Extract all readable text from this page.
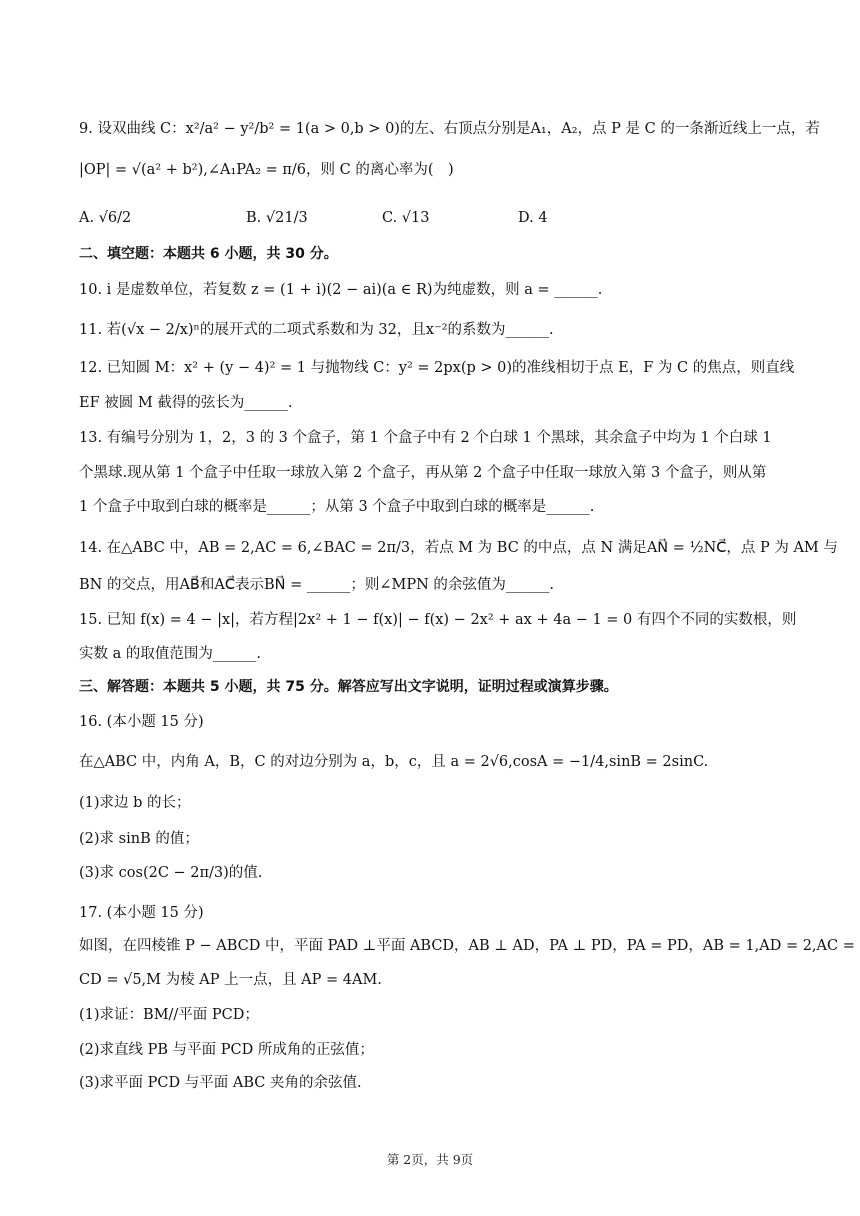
9. 设双曲线 C：x²/a² − y²/b² = 1(a > 0,b > 0)的左、右顶点分别是A₁，A₂，点 P 是 C 的一条渐近线上一点，若
|OP| = √(a² + b²),∠A₁PA₂ = π/6，则 C 的离心率为(　)
A. √6/2	B. √21/3	C. √13	D. 4
二、填空题：本题共 6 小题，共 30 分。
10. i 是虚数单位，若复数 z = (1 + i)(2 − ai)(a ∈ R)为纯虚数，则 a = ______.
11. 若(√x − 2/x)ⁿ的展开式的二项式系数和为 32，且x⁻²的系数为______.
12. 已知圆 M：x² + (y − 4)² = 1 与抛物线 C：y² = 2px(p > 0)的准线相切于点 E，F 为 C 的焦点，则直线
EF 被圆 M 截得的弦长为______.
13. 有编号分别为 1，2，3 的 3 个盒子，第 1 个盒子中有 2 个白球 1 个黑球，其余盒子中均为 1 个白球 1
个黑球.现从第 1 个盒子中任取一球放入第 2 个盒子，再从第 2 个盒子中任取一球放入第 3 个盒子，则从第
1 个盒子中取到白球的概率是______；从第 3 个盒子中取到白球的概率是______.
14. 在△ABC 中，AB = 2,AC = 6,∠BAC = 2π/3，若点 M 为 BC 的中点，点 N 满足AN⃗ = ½NC⃗，点 P 为 AM 与
BN 的交点，用AB⃗和AC⃗表示BN⃗ = ______；则∠MPN 的余弦值为______.
15. 已知 f(x) = 4 − |x|，若方程|2x² + 1 − f(x)| − f(x) − 2x² + ax + 4a − 1 = 0 有四个不同的实数根，则
实数 a 的取值范围为______.
三、解答题：本题共 5 小题，共 75 分。解答应写出文字说明，证明过程或演算步骤。
16. (本小题 15 分)
在△ABC 中，内角 A，B，C 的对边分别为 a，b，c，且 a = 2√6,cosA = −1/4,sinB = 2sinC.
(1)求边 b 的长；
(2)求 sinB 的值；
(3)求 cos(2C − 2π/3)的值.
17. (本小题 15 分)
如图，在四棱锥 P − ABCD 中，平面 PAD ⊥平面 ABCD，AB ⊥ AD，PA ⊥ PD，PA = PD，AB = 1,AD = 2,AC =
CD = √5,M 为棱 AP 上一点，且 AP = 4AM.
(1)求证：BM//平面 PCD；
(2)求直线 PB 与平面 PCD 所成角的正弦值；
(3)求平面 PCD 与平面 ABC 夹角的余弦值.
第 2页，共 9页
